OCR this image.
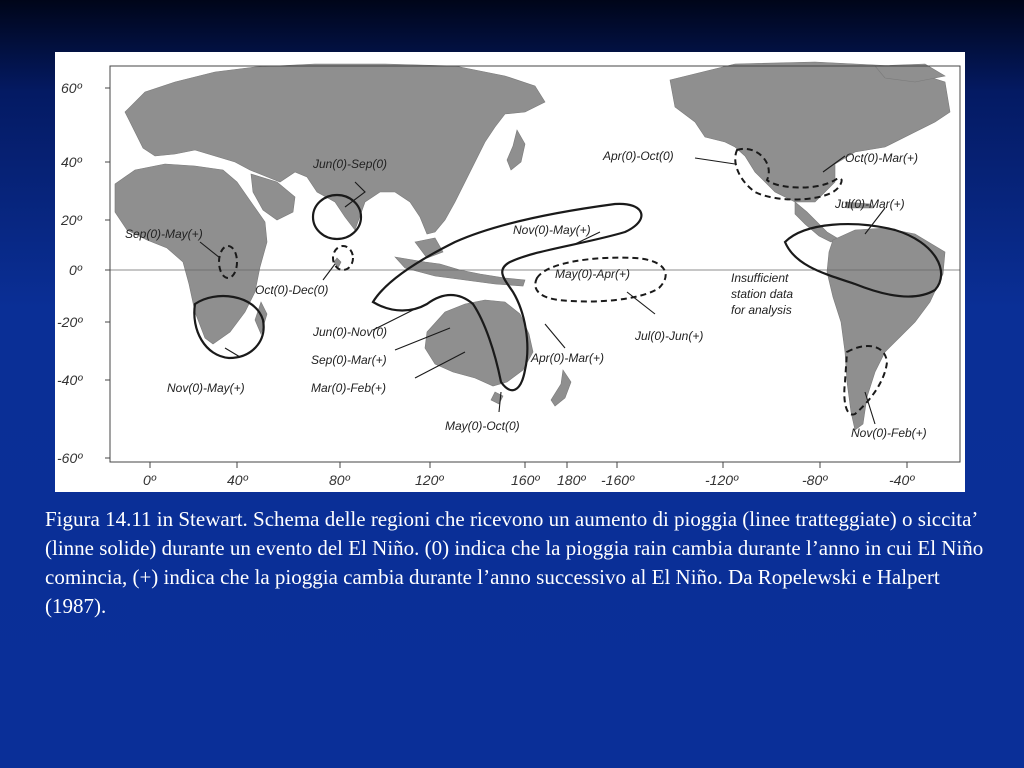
60º
40º
20º
0º
-20º
-40º
-60º
0º	40º	80º	120º	160º 180º -160º	-120º	-80º	-40º
Jun(0)-Sep(0)
Sep(0)-May(+)
Oct(0)-Dec(0)
Nov(0)-May(+)
Nov(0)-May(+)
May(0)-Apr(+)
Jun(0)-Nov(0)
Sep(0)-Mar(+)
Mar(0)-Feb(+)
Apr(0)-Mar(+)
Jul(0)-Jun(+)
May(0)-Oct(0)
Apr(0)-Oct(0)	Oct(0)-Mar(+)
Jul(0)-Mar(+)
Nov(0)-Feb(+)
Insufficient
station data
for analysis
Figura 14.11 in Stewart. Schema delle regioni che ricevono un aumento di pioggia (linee tratteggiate) o siccita’ (linne solide) durante un evento del El Niño. (0) indica che la pioggia rain cambia durante l’anno in cui El Niño comincia, (+) indica che la pioggia cambia durante l’anno successivo al El Niño. Da Ropelewski e Halpert (1987).
